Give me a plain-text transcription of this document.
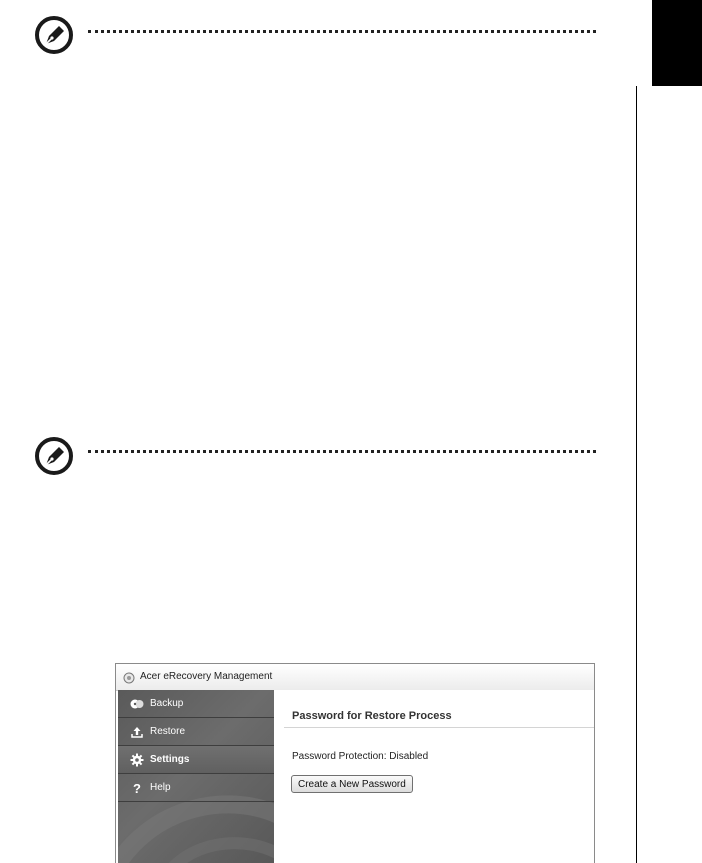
Acer eRecovery Management
Backup
Restore
Settings
? Help
Password for Restore Process
Password Protection: Disabled
Create a New Password
